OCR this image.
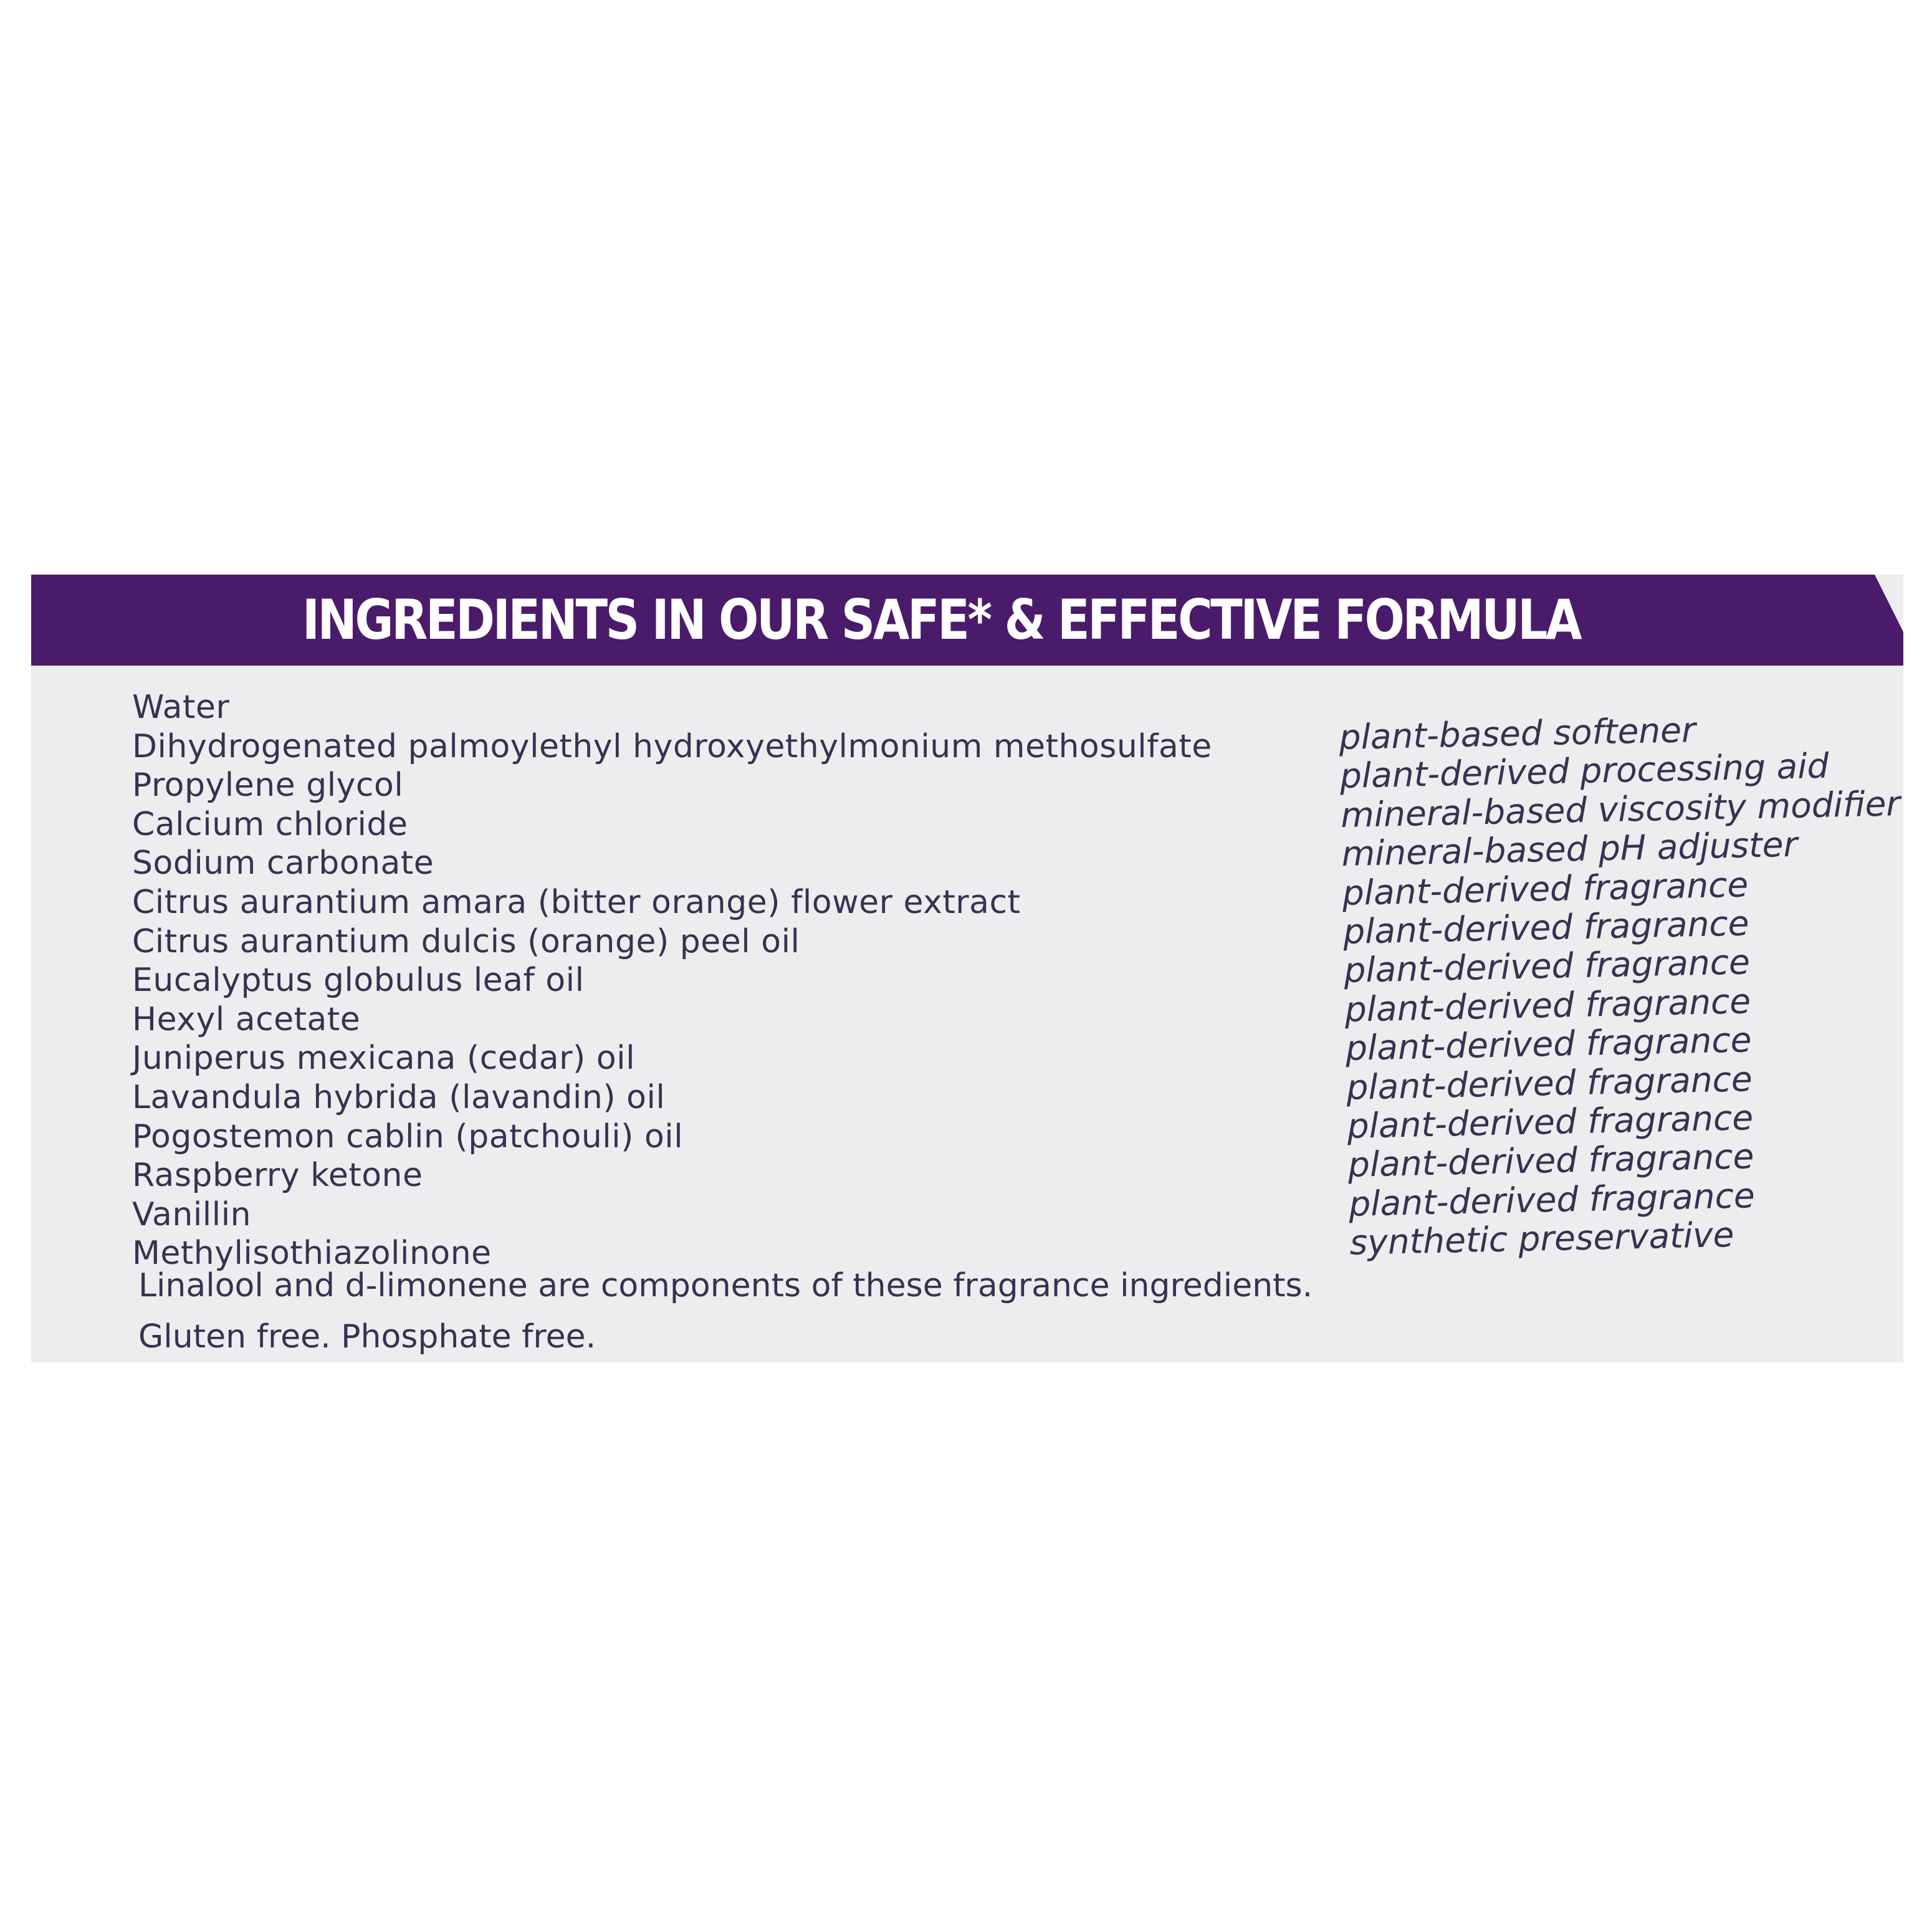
INGREDIENTS IN OUR SAFE* & EFFECTIVE FORMULA
Water
Dihydrogenated palmoylethyl hydroxyethylmonium methosulfate
Propylene glycol
Calcium chloride
Sodium carbonate
Citrus aurantium amara (bitter orange) flower extract
Citrus aurantium dulcis (orange) peel oil
Eucalyptus globulus leaf oil
Hexyl acetate
Juniperus mexicana (cedar) oil
Lavandula hybrida (lavandin) oil
Pogostemon cablin (patchouli) oil
Raspberry ketone
Vanillin
Methylisothiazolinone
Linalool and d-limonene are components of these fragrance ingredients.
Gluten free. Phosphate free.
plant-based softener
plant-derived processing aid
mineral-based viscosity modifier
mineral-based pH adjuster
plant-derived fragrance
plant-derived fragrance
plant-derived fragrance
plant-derived fragrance
plant-derived fragrance
plant-derived fragrance
plant-derived fragrance
plant-derived fragrance
plant-derived fragrance
synthetic preservative
